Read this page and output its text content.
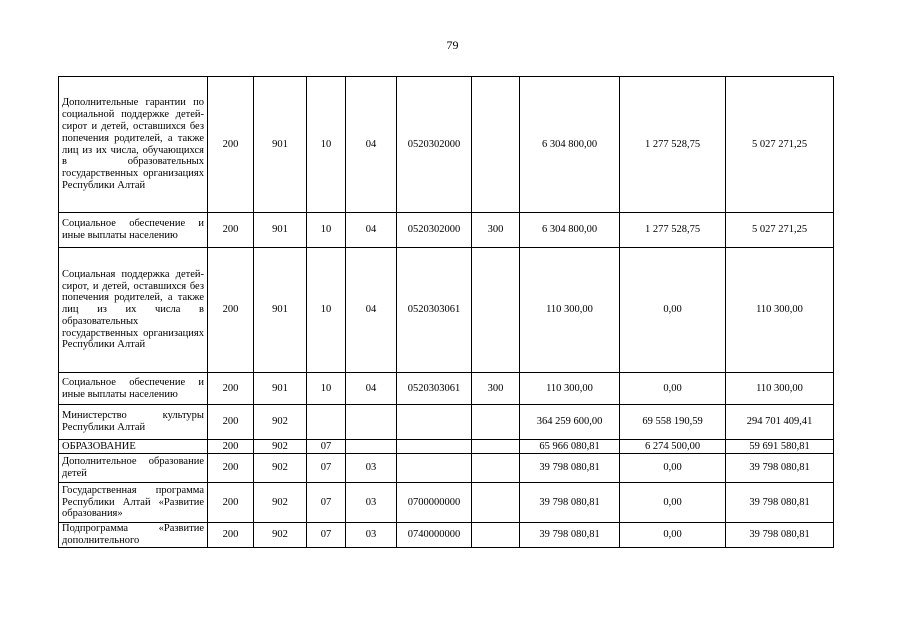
79
Дополнительные гарантии по социальной поддержке детей-сирот и детей, оставшихся без попечения родителей, а также лиц из их числа, обучающихся в образовательных государственных организациях Республики Алтай	200	901	10	04	0520302000		6 304 800,00	1 277 528,75	5 027 271,25
Социальное обеспечение и иные выплаты населению	200	901	10	04	0520302000	300	6 304 800,00	1 277 528,75	5 027 271,25
Социальная поддержка детей-сирот, и детей, оставшихся без попечения родителей, а также лиц из их числа в образовательных государственных организациях Республики Алтай	200	901	10	04	0520303061		110 300,00	0,00	110 300,00
Социальное обеспечение и иные выплаты населению	200	901	10	04	0520303061	300	110 300,00	0,00	110 300,00
Министерство культуры Республики Алтай	200	902					364 259 600,00	69 558 190,59	294 701 409,41
ОБРАЗОВАНИЕ	200	902	07				65 966 080,81	6 274 500,00	59 691 580,81
Дополнительное образование детей	200	902	07	03			39 798 080,81	0,00	39 798 080,81
Государственная программа Республики Алтай «Развитие образования»	200	902	07	03	0700000000		39 798 080,81	0,00	39 798 080,81
Подпрограмма «Развитие дополнительного	200	902	07	03	0740000000		39 798 080,81	0,00	39 798 080,81
